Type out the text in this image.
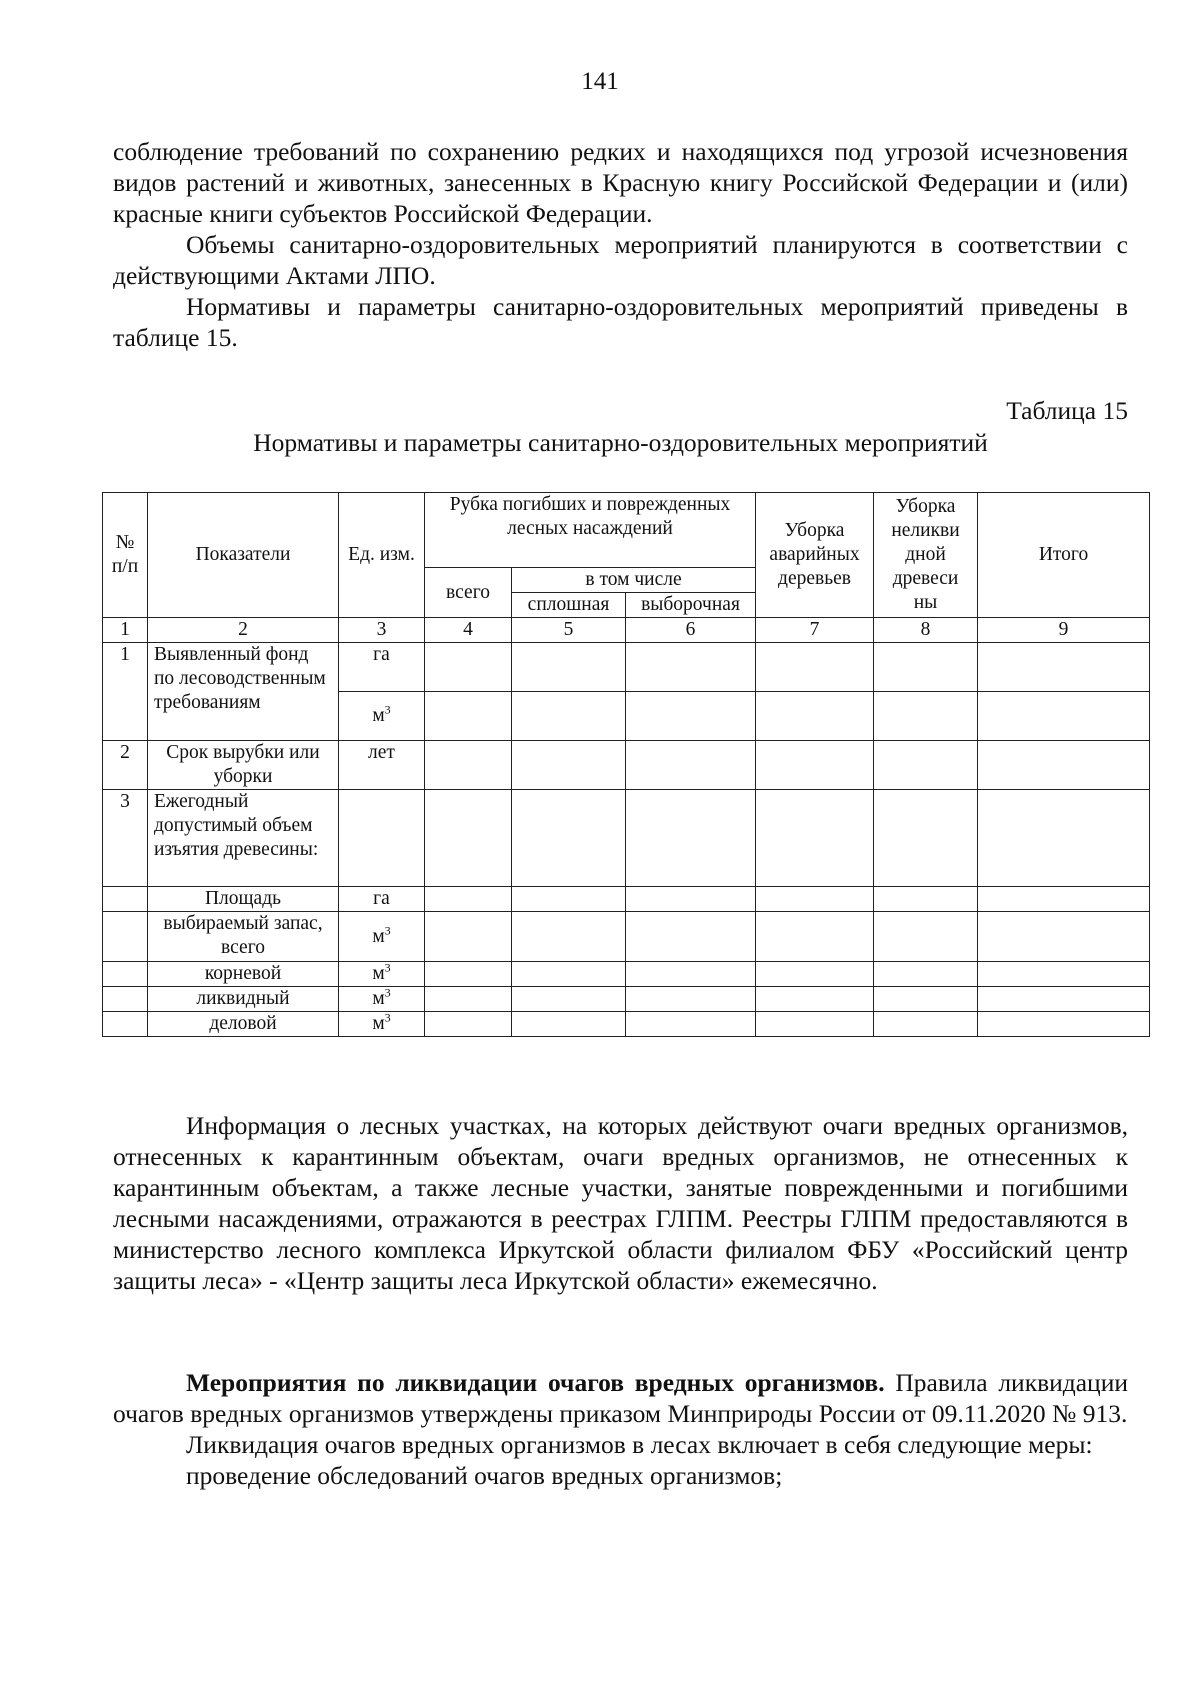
141

соблюдение требований по сохранению редких и находящихся под угрозой исчезновения видов растений и животных, занесенных в Красную книгу Российской Федерации и (или) красные книги субъектов Российской Федерации.

Объемы санитарно-оздоровительных мероприятий планируются в соответствии с действующими Актами ЛПО.

Нормативы и параметры санитарно-оздоровительных мероприятий приведены в таблице 15.

Таблица 15
Нормативы и параметры санитарно-оздоровительных мероприятий
№ п/п	Показатели	Ед. изм.	Рубка погибших и поврежденных лесных насаждений			Уборка аварийных деревьев	Уборка неликви дной древеси ны	Итого
			всего	в том числе				
				сплошная	выборочная			
1	2	3	4	5	6	7	8	9
1	Выявленный фонд по лесоводственным требованиям	га						
		$м^3$						
2	Срок вырубки или уборки	лет						
3	Ежегодный допустимый объем изъятия древесины:							
	Площадь	га						
	выбираемый запас, всего	$м^3$						
	корневой	$м^3$						
	ликвидный	$м^3$						
	деловой	$м^3$						

Информация о лесных участках, на которых действуют очаги вредных организмов, отнесенных к карантинным объектам, очаги вредных организмов, не отнесенных к карантинным объектам, а также лесные участки, занятые поврежденными и погибшими лесными насаждениями, отражаются в реестрах ГЛПМ. Реестры ГЛПМ предоставляются в министерство лесного комплекса Иркутской области филиалом ФБУ «Российский центр защиты леса» - «Центр защиты леса Иркутской области» ежемесячно.

Мероприятия по ликвидации очагов вредных организмов. Правила ликвидации очагов вредных организмов утверждены приказом Минприроды России от 09.11.2020 № 913.

Ликвидация очагов вредных организмов в лесах включает в себя следующие меры:

проведение обследований очагов вредных организмов;
